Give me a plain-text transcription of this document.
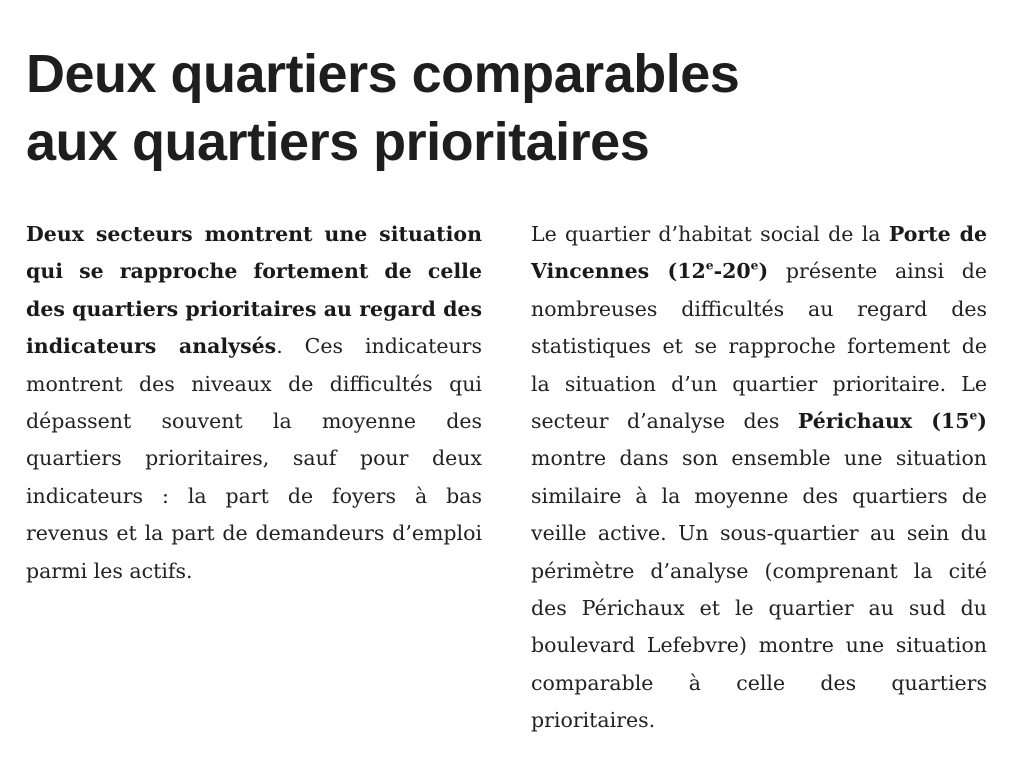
Deux quartiers comparables
aux quartiers prioritaires
Deux secteurs montrent une situation qui se rapproche fortement de celle des quartiers prioritaires au regard des indicateurs analysés. Ces indicateurs montrent des niveaux de difficultés qui dépassent souvent la moyenne des quartiers prioritaires, sauf pour deux indicateurs : la part de foyers à bas revenus et la part de demandeurs d’emploi parmi les actifs.
Le quartier d’habitat social de la Porte de Vincennes (12e-20e) présente ainsi de nombreuses difficultés au regard des statistiques et se rapproche fortement de la situation d’un quartier prioritaire. Le secteur d’analyse des Périchaux (15e) montre dans son ensemble une situation similaire à la moyenne des quartiers de veille active. Un sous-quartier au sein du périmètre d’analyse (comprenant la cité des Périchaux et le quartier au sud du boulevard Lefebvre) montre une situation comparable à celle des quartiers prioritaires.
